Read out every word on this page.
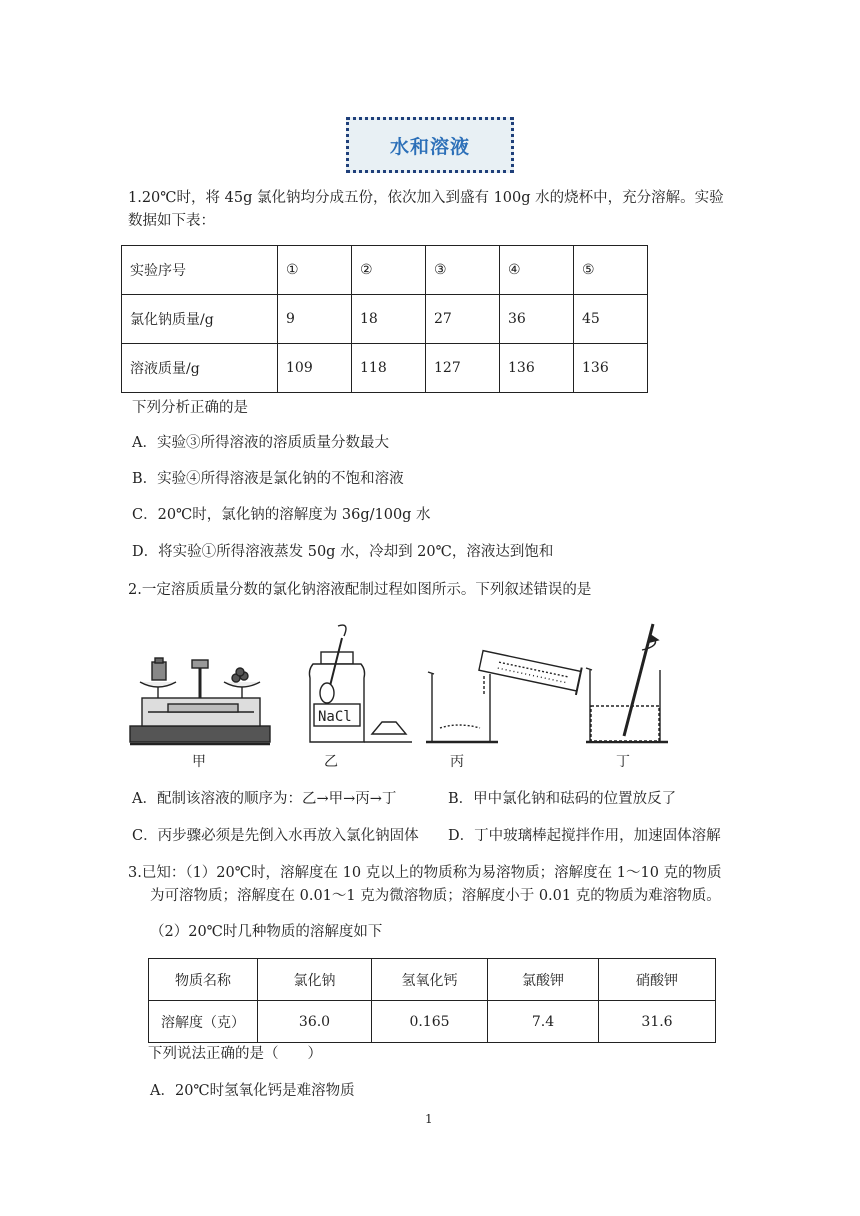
水和溶液
1.20℃时，将 45g 氯化钠均分成五份，依次加入到盛有 100g 水的烧杯中，充分溶解。实验
数据如下表：
实验序号	①	②	③	④	⑤
氯化钠质量/g	9	18	27	36	45
溶液质量/g	109	118	127	136	136
下列分析正确的是
A．实验③所得溶液的溶质质量分数最大
B．实验④所得溶液是氯化钠的不饱和溶液
C．20℃时，氯化钠的溶解度为 36g/100g 水
D．将实验①所得溶液蒸发 50g 水，冷却到 20℃，溶液达到饱和
2.一定溶质质量分数的氯化钠溶液配制过程如图所示。下列叙述错误的是
NaCl
甲	乙	丙	丁
A．配制该溶液的顺序为：乙→甲→丙→丁	B．甲中氯化钠和砝码的位置放反了
C．丙步骤必须是先倒入水再放入氯化钠固体 D．丁中玻璃棒起搅拌作用，加速固体溶解
3.已知：（1）20℃时，溶解度在 10 克以上的物质称为易溶物质；溶解度在 1～10 克的物质
为可溶物质；溶解度在 0.01～1 克为微溶物质；溶解度小于 0.01 克的物质为难溶物质。
（2）20℃时几种物质的溶解度如下
物质名称	氯化钠	氢氧化钙	氯酸钾	硝酸钾
溶解度（克）	36.0	0.165	7.4	31.6
下列说法正确的是（　　）
A．20℃时氢氧化钙是难溶物质
1
